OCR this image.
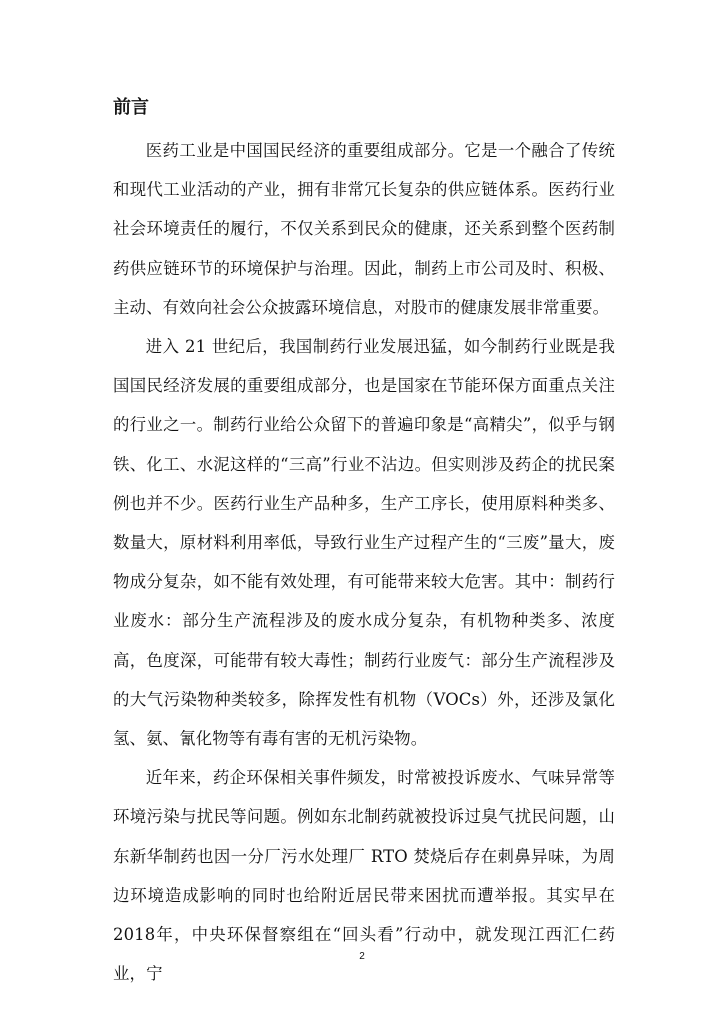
前言

医药工业是中国国民经济的重要组成部分。它是一个融合了传统和现代工业活动的产业，拥有非常冗长复杂的供应链体系。医药行业社会环境责任的履行，不仅关系到民众的健康，还关系到整个医药制药供应链环节的环境保护与治理。因此，制药上市公司及时、积极、主动、有效向社会公众披露环境信息，对股市的健康发展非常重要。

进入 21 世纪后，我国制药行业发展迅猛，如今制药行业既是我国国民经济发展的重要组成部分，也是国家在节能环保方面重点关注的行业之一。制药行业给公众留下的普遍印象是“高精尖”，似乎与钢铁、化工、水泥这样的“三高”行业不沾边。但实则涉及药企的扰民案例也并不少。医药行业生产品种多，生产工序长，使用原料种类多、数量大，原材料利用率低，导致行业生产过程产生的“三废”量大，废物成分复杂，如不能有效处理，有可能带来较大危害。其中：制药行业废水：部分生产流程涉及的废水成分复杂，有机物种类多、浓度高，色度深，可能带有较大毒性；制药行业废气：部分生产流程涉及的大气污染物种类较多，除挥发性有机物（VOCs）外，还涉及氯化氢、氨、氰化物等有毒有害的无机污染物。

近年来，药企环保相关事件频发，时常被投诉废水、气味异常等环境污染与扰民等问题。例如东北制药就被投诉过臭气扰民问题，山东新华制药也因一分厂污水处理厂 RTO 焚烧后存在刺鼻异味，为周边环境造成影响的同时也给附近居民带来困扰而遭举报。其实早在2018年，中央环保督察组在“回头看”行动中，就发现江西汇仁药业，宁

2
